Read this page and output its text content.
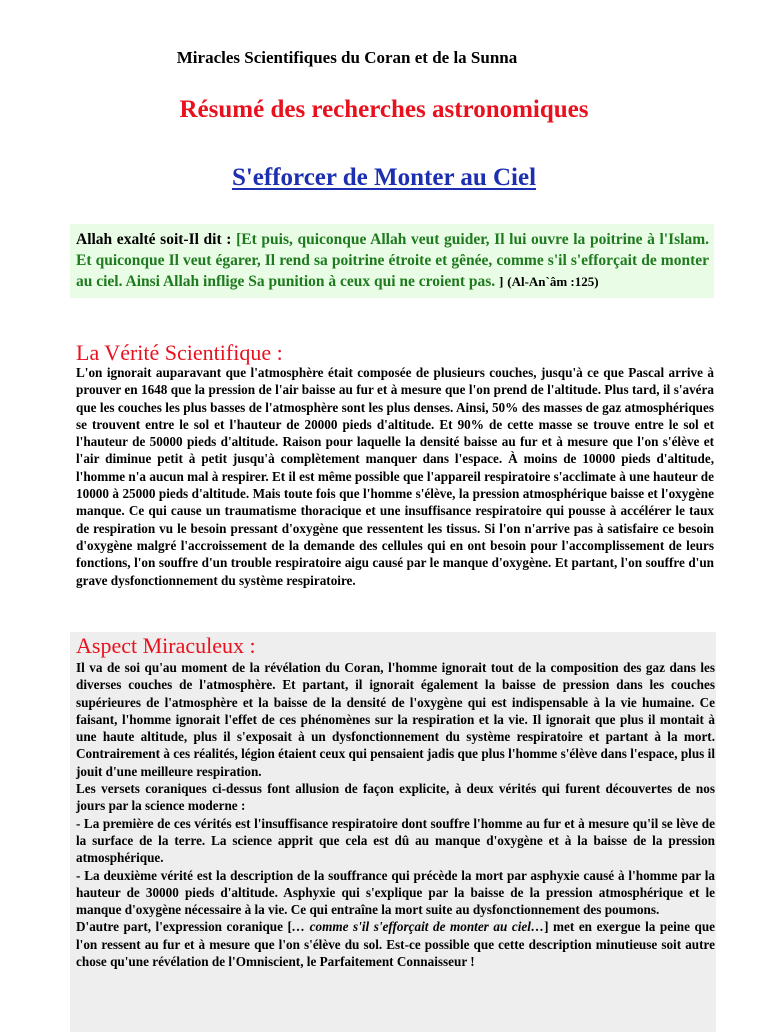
Miracles Scientifiques du Coran et de la Sunna
Résumé des recherches astronomiques
S'efforcer de Monter au Ciel
Allah exalté soit-Il dit : [Et puis, quiconque Allah veut guider, Il lui ouvre la poitrine à l'Islam. Et quiconque Il veut égarer, Il rend sa poitrine étroite et gênée, comme s'il s'efforçait de monter au ciel. Ainsi Allah inflige Sa punition à ceux qui ne croient pas. ] (Al-An`âm :125)
La Vérité Scientifique :
L'on ignorait auparavant que l'atmosphère était composée de plusieurs couches, jusqu'à ce que Pascal arrive à prouver en 1648 que la pression de l'air baisse au fur et à mesure que l'on prend de l'altitude. Plus tard, il s'avéra que les couches les plus basses de l'atmosphère sont les plus denses. Ainsi, 50% des masses de gaz atmosphériques se trouvent entre le sol et l'hauteur de 20000 pieds d'altitude. Et 90% de cette masse se trouve entre le sol et l'hauteur de 50000 pieds d'altitude. Raison pour laquelle la densité baisse au fur et à mesure que l'on s'élève et l'air diminue petit à petit jusqu'à complètement manquer dans l'espace. À moins de 10000 pieds d'altitude, l'homme n'a aucun mal à respirer. Et il est même possible que l'appareil respiratoire s'acclimate à une hauteur de 10000 à 25000 pieds d'altitude. Mais toute fois que l'homme s'élève, la pression atmosphérique baisse et l'oxygène manque. Ce qui cause un traumatisme thoracique et une insuffisance respiratoire qui pousse à accélérer le taux de respiration vu le besoin pressant d'oxygène que ressentent les tissus. Si l'on n'arrive pas à satisfaire ce besoin d'oxygène malgré l'accroissement de la demande des cellules qui en ont besoin pour l'accomplissement de leurs fonctions, l'on souffre d'un trouble respiratoire aigu causé par le manque d'oxygène. Et partant, l'on souffre d'un grave dysfonctionnement du système respiratoire.
Aspect Miraculeux :

Il va de soi qu'au moment de la révélation du Coran, l'homme ignorait tout de la composition des gaz dans les diverses couches de l'atmosphère. Et partant, il ignorait également la baisse de pression dans les couches supérieures de l'atmosphère et la baisse de la densité de l'oxygène qui est indispensable à la vie humaine. Ce faisant, l'homme ignorait l'effet de ces phénomènes sur la respiration et la vie. Il ignorait que plus il montait à une haute altitude, plus il s'exposait à un dysfonctionnement du système respiratoire et partant à la mort. Contrairement à ces réalités, légion étaient ceux qui pensaient jadis que plus l'homme s'élève dans l'espace, plus il jouit d'une meilleure respiration.

Les versets coraniques ci-dessus font allusion de façon explicite, à deux vérités qui furent découvertes de nos jours par la science moderne :

- La première de ces vérités est l'insuffisance respiratoire dont souffre l'homme au fur et à mesure qu'il se lève de la surface de la terre. La science apprit que cela est dû au manque d'oxygène et à la baisse de la pression atmosphérique.

- La deuxième vérité est la description de la souffrance qui précède la mort par asphyxie causé à l'homme par la hauteur de 30000 pieds d'altitude. Asphyxie qui s'explique par la baisse de la pression atmosphérique et le manque d'oxygène nécessaire à la vie. Ce qui entraîne la mort suite au dysfonctionnement des poumons.

D'autre part, l'expression coranique [… comme s'il s'efforçait de monter au ciel…] met en exergue la peine que l'on ressent au fur et à mesure que l'on s'élève du sol. Est-ce possible que cette description minutieuse soit autre chose qu'une révélation de l'Omniscient, le Parfaitement Connaisseur !
